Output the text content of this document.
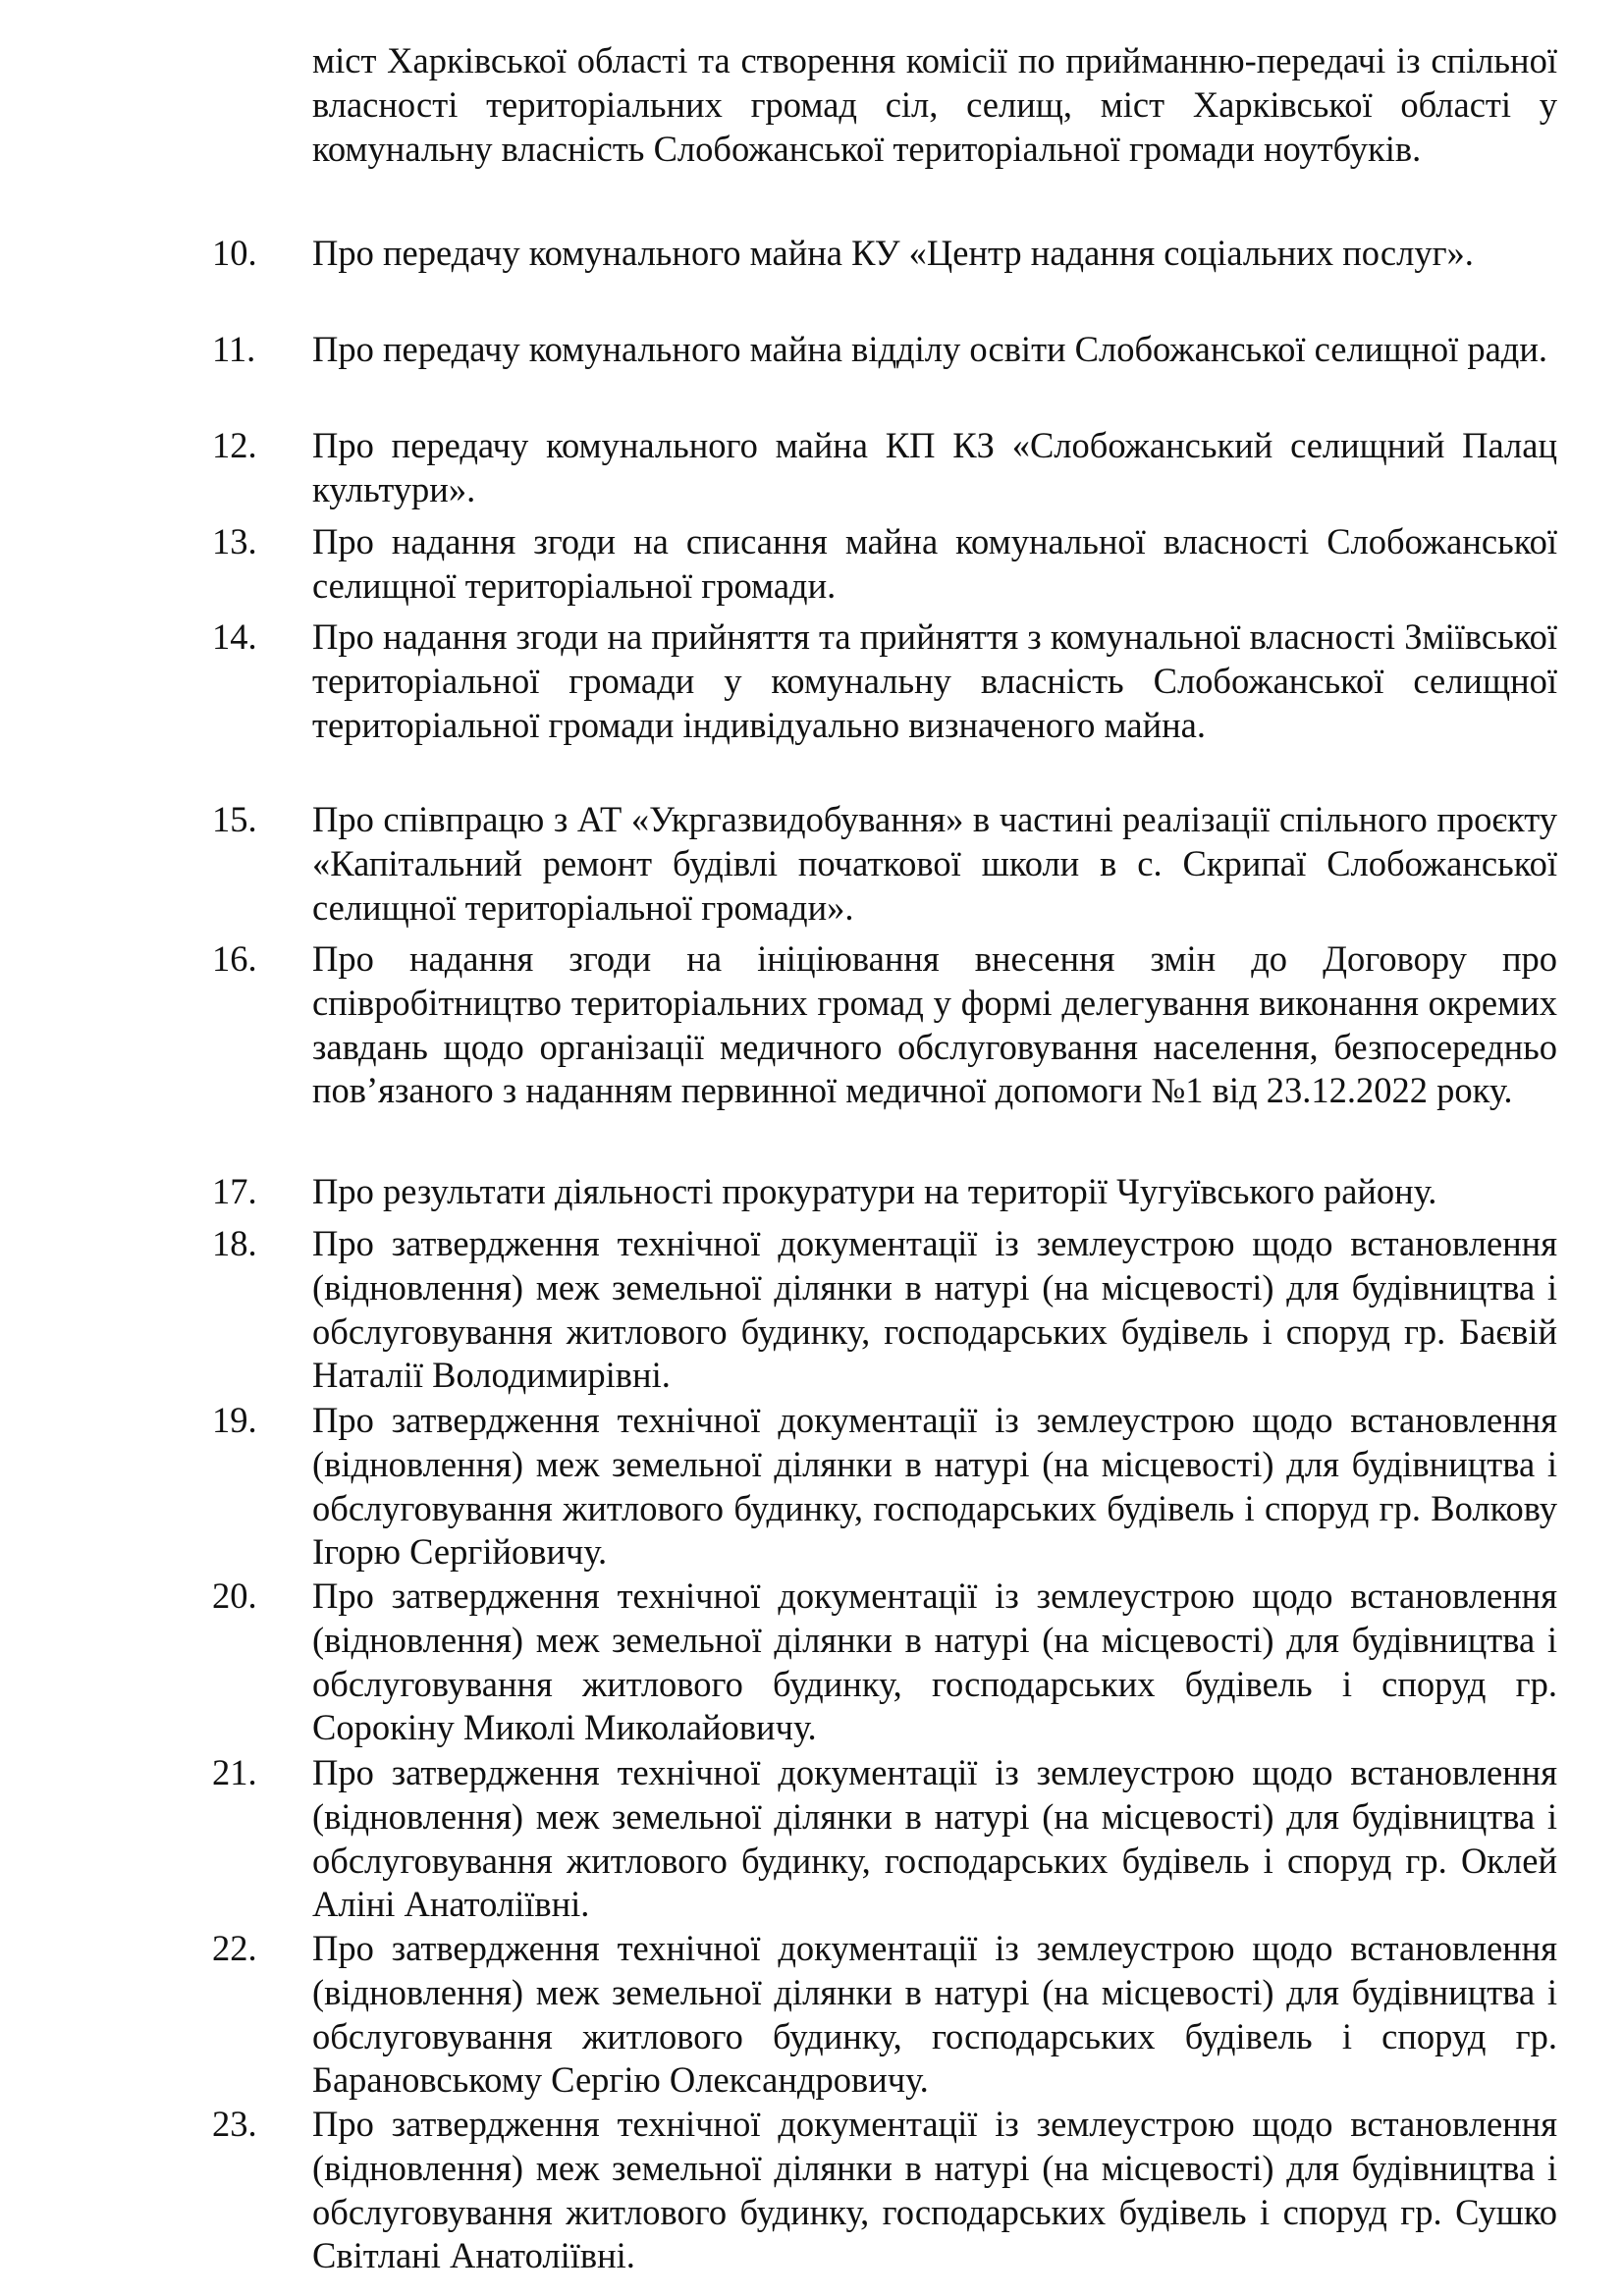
міст Харківської області та створення комісії по прийманню-передачі із спільної власності територіальних громад сіл, селищ, міст Харківської області у комунальну власність Слобожанської територіальної громади ноутбуків.

10. Про передачу комунального майна КУ «Центр надання соціальних послуг».

11. Про передачу комунального майна відділу освіти Слобожанської селищної ради.

12. Про передачу комунального майна КП КЗ «Слобожанський селищний Палац культури».

13. Про надання згоди на списання майна комунальної власності Слобожанської селищної територіальної громади.

14. Про надання згоди на прийняття та прийняття з комунальної власності Зміївської територіальної громади у комунальну власність Слобожанської селищної територіальної громади індивідуально визначеного майна.

15. Про співпрацю з АТ «Укргазвидобування» в частині реалізації спільного проєкту «Капітальний ремонт будівлі початкової школи в с. Скрипаї Слобожанської селищної територіальної громади».

16. Про надання згоди на ініціювання внесення змін до Договору про співробітництво територіальних громад у формі делегування виконання окремих завдань щодо організації медичного обслуговування населення, безпосередньо пов’язаного з наданням первинної медичної допомоги №1 від 23.12.2022 року.

17. Про результати діяльності прокуратури на території Чугуївського району.

18. Про затвердження технічної документації із землеустрою щодо встановлення (відновлення) меж земельної ділянки в натурі (на місцевості) для будівництва і обслуговування житлового будинку, господарських будівель і споруд гр. Баєвій Наталії Володимирівні.

19. Про затвердження технічної документації із землеустрою щодо встановлення (відновлення) меж земельної ділянки в натурі (на місцевості) для будівництва і обслуговування житлового будинку, господарських будівель і споруд гр. Волкову Ігорю Сергійовичу.

20. Про затвердження технічної документації із землеустрою щодо встановлення (відновлення) меж земельної ділянки в натурі (на місцевості) для будівництва і обслуговування житлового будинку, господарських будівель і споруд гр. Сорокіну Миколі Миколайовичу.

21. Про затвердження технічної документації із землеустрою щодо встановлення (відновлення) меж земельної ділянки в натурі (на місцевості) для будівництва і обслуговування житлового будинку, господарських будівель і споруд гр. Оклей Аліні Анатоліївні.

22. Про затвердження технічної документації із землеустрою щодо встановлення (відновлення) меж земельної ділянки в натурі (на місцевості) для будівництва і обслуговування житлового будинку, господарських будівель і споруд гр. Барановському Сергію Олександровичу.

23. Про затвердження технічної документації із землеустрою щодо встановлення (відновлення) меж земельної ділянки в натурі (на місцевості) для будівництва і обслуговування житлового будинку, господарських будівель і споруд гр. Сушко Світлані Анатоліївні.
